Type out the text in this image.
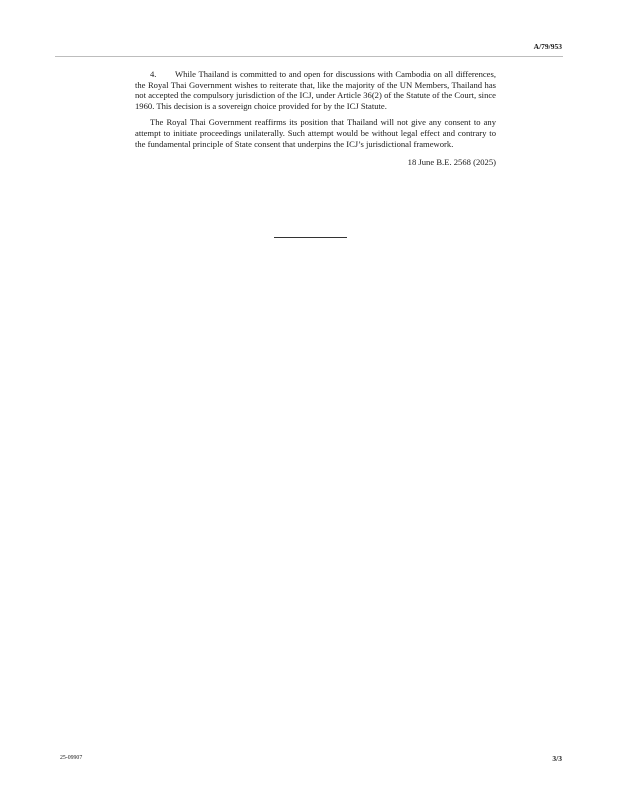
A/79/953

4. While Thailand is committed to and open for discussions with Cambodia on all differences, the Royal Thai Government wishes to reiterate that, like the majority of the UN Members, Thailand has not accepted the compulsory jurisdiction of the ICJ, under Article 36(2) of the Statute of the Court, since 1960. This decision is a sovereign choice provided for by the ICJ Statute.

The Royal Thai Government reaffirms its position that Thailand will not give any consent to any attempt to initiate proceedings unilaterally. Such attempt would be without legal effect and contrary to the fundamental principle of State consent that underpins the ICJ’s jurisdictional framework.

18 June B.E. 2568 (2025)
25-09907	3/3
